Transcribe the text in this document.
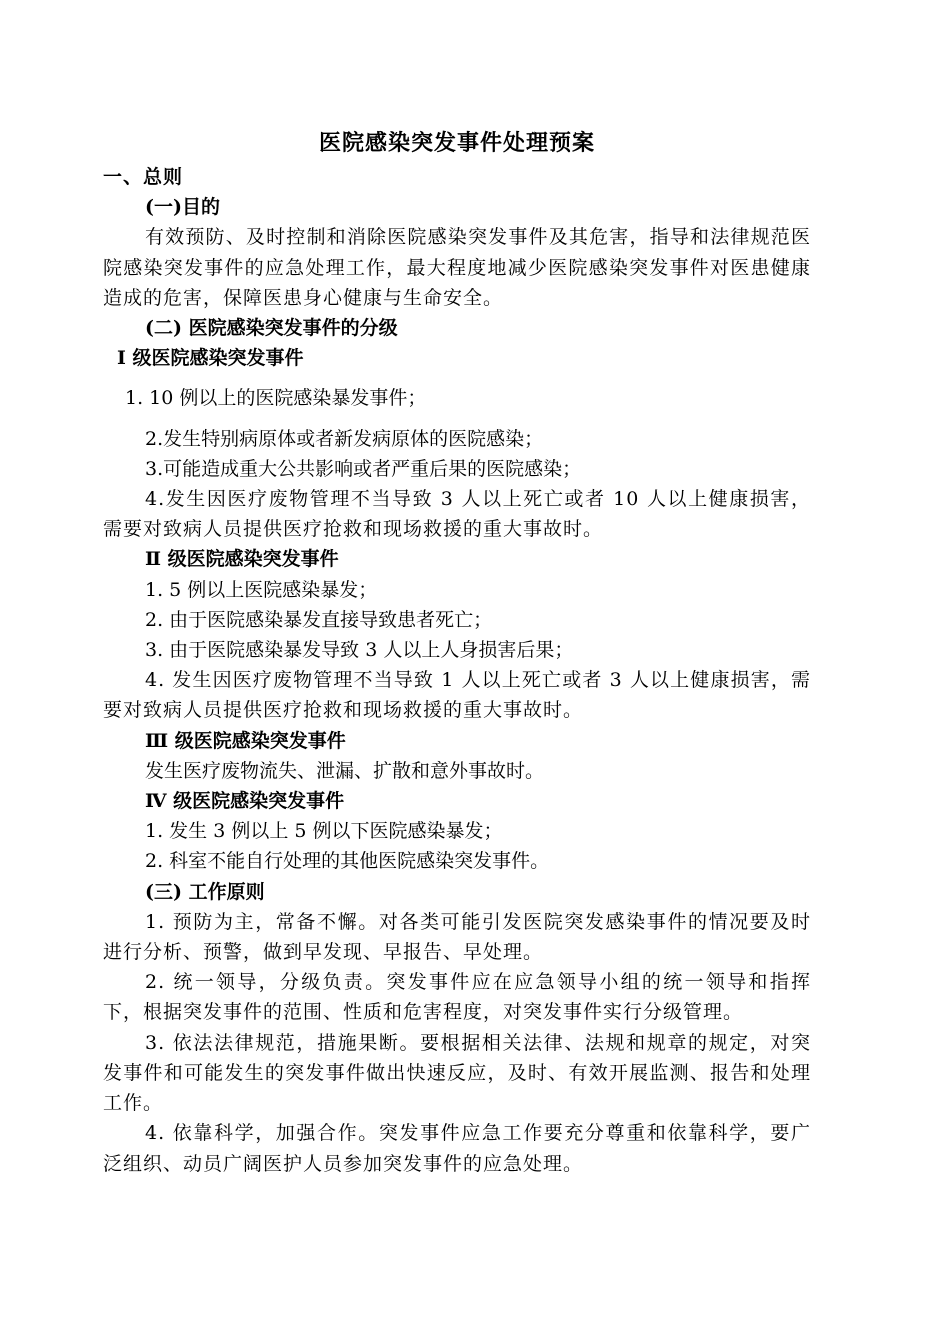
医院感染突发事件处理预案

一、总则

(一)目的

有效预防、及时控制和消除医院感染突发事件及其危害，指导和法律规范医院感染突发事件的应急处理工作，最大程度地减少医院感染突发事件对医患健康造成的危害，保障医患身心健康与生命安全。

(二) 医院感染突发事件的分级

Ⅰ 级医院感染突发事件

1. 10 例以上的医院感染暴发事件；

2.发生特别病原体或者新发病原体的医院感染；

3.可能造成重大公共影响或者严重后果的医院感染；

4.发生因医疗废物管理不当导致 3 人以上死亡或者 10 人以上健康损害，需要对致病人员提供医疗抢救和现场救援的重大事故时。

Ⅱ 级医院感染突发事件

1. 5 例以上医院感染暴发；

2. 由于医院感染暴发直接导致患者死亡；

3. 由于医院感染暴发导致 3 人以上人身损害后果；

4. 发生因医疗废物管理不当导致 1 人以上死亡或者 3 人以上健康损害，需要对致病人员提供医疗抢救和现场救援的重大事故时。

Ⅲ 级医院感染突发事件

发生医疗废物流失、泄漏、扩散和意外事故时。

Ⅳ 级医院感染突发事件

1. 发生 3 例以上 5 例以下医院感染暴发；

2. 科室不能自行处理的其他医院感染突发事件。

(三) 工作原则

1. 预防为主，常备不懈。对各类可能引发医院突发感染事件的情况要及时进行分析、预警，做到早发现、早报告、早处理。

2. 统一领导，分级负责。突发事件应在应急领导小组的统一领导和指挥下，根据突发事件的范围、性质和危害程度，对突发事件实行分级管理。

3. 依法法律规范，措施果断。要根据相关法律、法规和规章的规定，对突发事件和可能发生的突发事件做出快速反应，及时、有效开展监测、报告和处理工作。

4. 依靠科学，加强合作。突发事件应急工作要充分尊重和依靠科学，要广泛组织、动员广阔医护人员参加突发事件的应急处理。
